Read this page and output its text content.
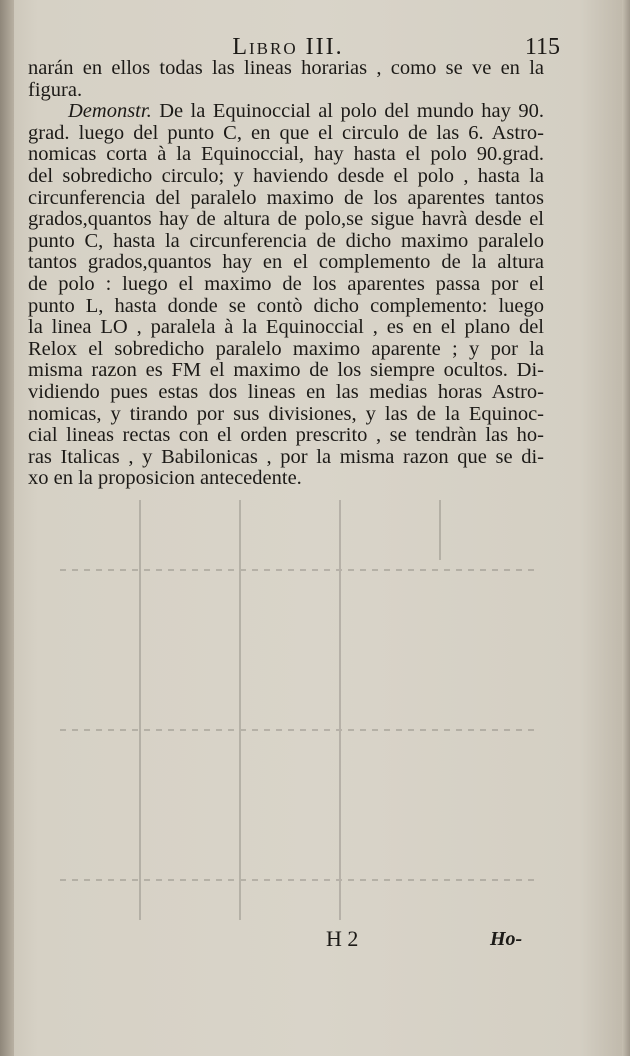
Libro III.	115

narán en ellos todas las lineas horarias , como se ve en la
figura.

Demonstr. De la Equinoccial al polo del mundo hay 90.
grad. luego del punto C, en que el circulo de las 6. Astro-
nomicas corta à la Equinoccial, hay hasta el polo 90.grad.
del sobredicho circulo; y haviendo desde el polo , hasta la
circunferencia del paralelo maximo de los aparentes tantos
grados,quantos hay de altura de polo,se sigue havrà desde el
punto C, hasta la circunferencia de dicho maximo paralelo
tantos grados,quantos hay en el complemento de la altura
de polo : luego el maximo de los aparentes passa por el
punto L, hasta donde se contò dicho complemento: luego
la linea LO , paralela à la Equinoccial , es en el plano del
Relox el sobredicho paralelo maximo aparente ; y por la
misma razon es FM el maximo de los siempre ocultos. Di-
vidiendo pues estas dos lineas en las medias horas Astro-
nomicas, y tirando por sus divisiones, y las de la Equinoc-
cial lineas rectas con el orden prescrito , se tendràn las ho-
ras Italicas , y Babilonicas , por la misma razon que se di-
xo en la proposicion antecedente.

H 2	Ho-
